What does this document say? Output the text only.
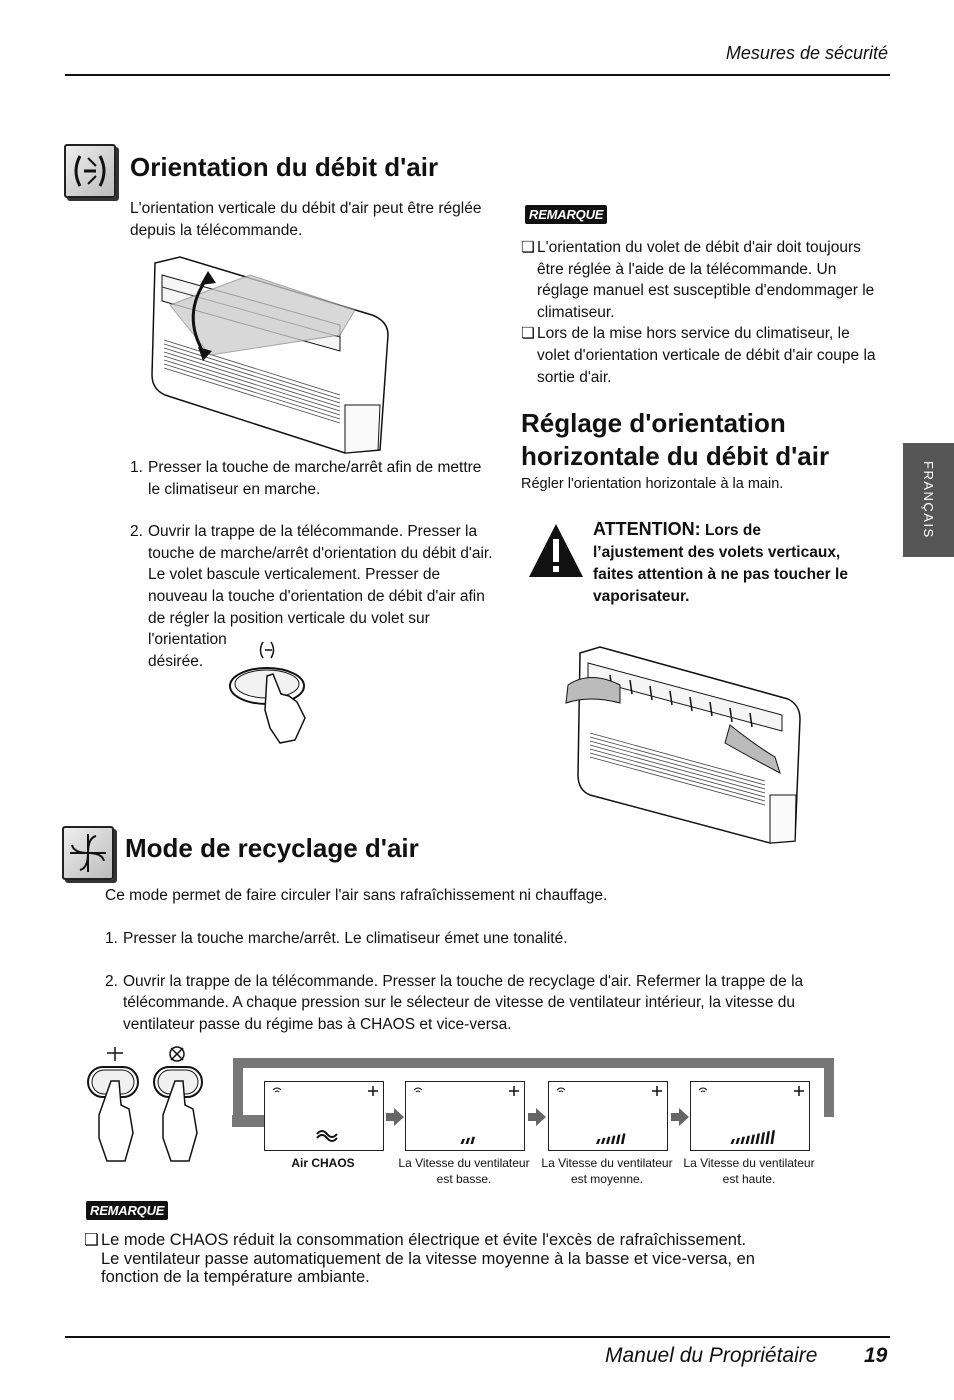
Mesures de sécurité
FRANÇAIS
Orientation du débit d'air
L'orientation verticale du débit d'air peut être réglée
depuis la télécommande.
1. Presser la touche de marche/arrêt afin de mettre
le climatiseur en marche.
2. Ouvrir la trappe de la télécommande. Presser la
touche de marche/arrêt d'orientation du débit d'air.
Le volet bascule verticalement. Presser de
nouveau la touche d'orientation de débit d'air afin
de régler la position verticale du volet sur
l'orientation
désirée.
REMARQUE
❏ L'orientation du volet de débit d'air doit toujours
être réglée à l'aide de la télécommande. Un
réglage manuel est susceptible d'endommager le
climatiseur.
❏ Lors de la mise hors service du climatiseur, le
volet d'orientation verticale de débit d'air coupe la
sortie d'air.
Réglage d'orientation
horizontale du débit d'air
Régler l'orientation horizontale à la main.
ATTENTION: Lors de
l’ajustement des volets verticaux,
faites attention à ne pas toucher le
vaporisateur.
Mode de recyclage d'air
Ce mode permet de faire circuler l'air sans rafraîchissement ni chauffage.
1. Presser la touche marche/arrêt. Le climatiseur émet une tonalité.
2. Ouvrir la trappe de la télécommande. Presser la touche de recyclage d'air. Refermer la trappe de la
télécommande. A chaque pression sur le sélecteur de vitesse de ventilateur intérieur, la vitesse du
ventilateur passe du régime bas à CHAOS et vice-versa.
Air CHAOS	La Vitesse du ventilateur
est basse.
La Vitesse du ventilateur
est moyenne.
La Vitesse du ventilateur
est haute.
REMARQUE
❏ Le mode CHAOS réduit la consommation électrique et évite l'excès de rafraîchissement.
Le ventilateur passe automatiquement de la vitesse moyenne à la basse et vice-versa, en
fonction de la température ambiante.
Manuel du Propriétaire 19
